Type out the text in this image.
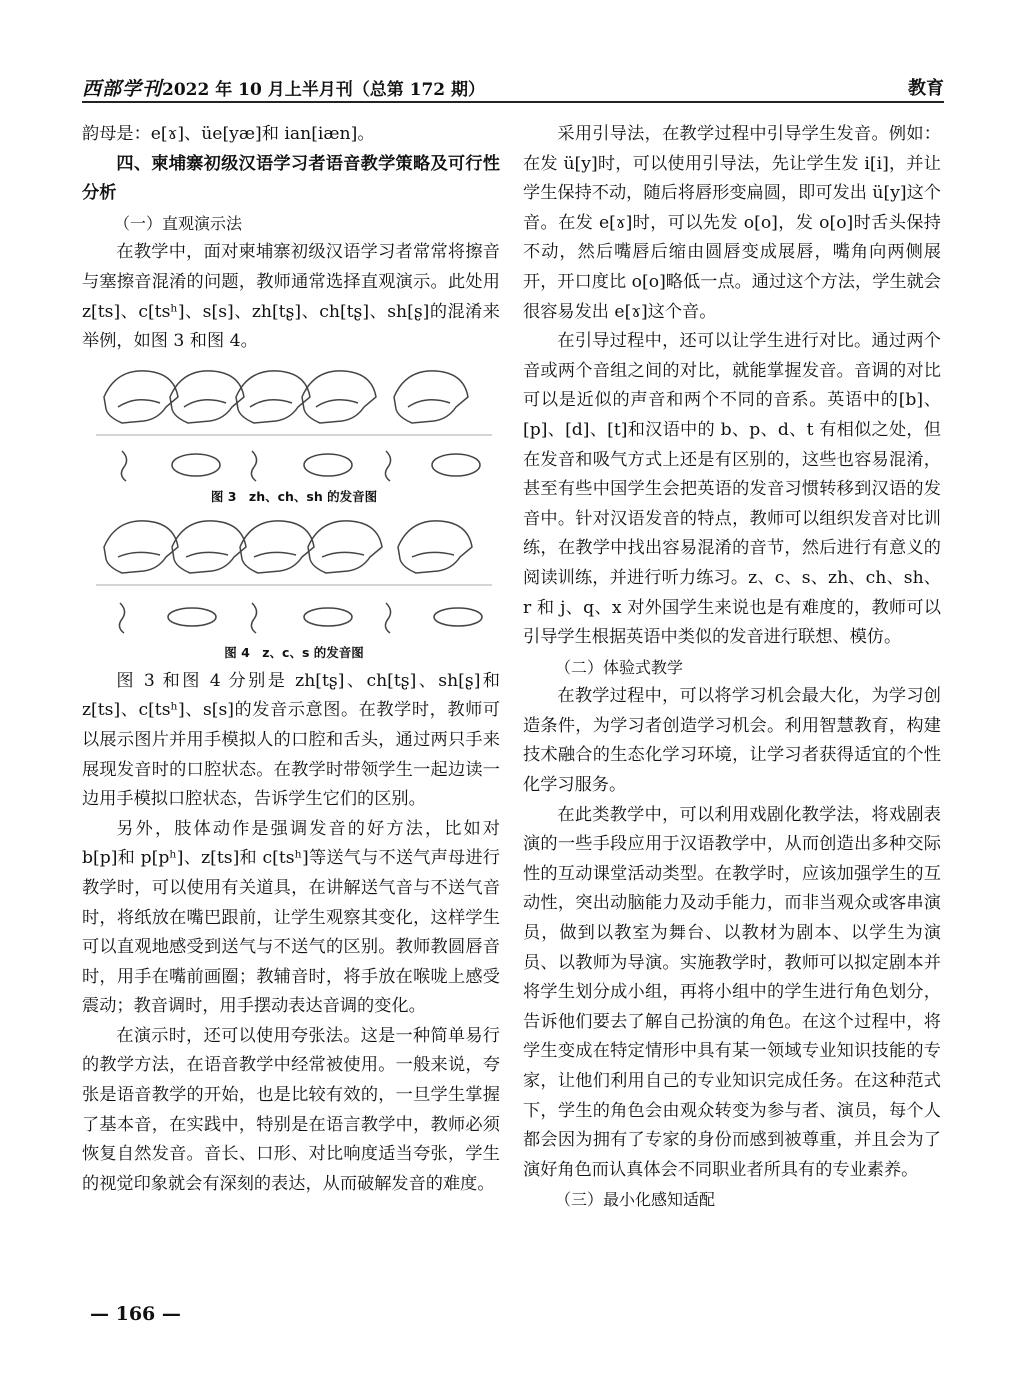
西部学刊 2022 年 10 月上半月刊（总第 172 期）	教育

韵母是：e[ɤ]、üe[yæ]和 ian[iæn]。

四、柬埔寨初级汉语学习者语音教学策略及可行性分析
（一）直观演示法

在教学中，面对柬埔寨初级汉语学习者常常将擦音与塞擦音混淆的问题，教师通常选择直观演示。此处用 z[ts]、c[tsʰ]、s[s]、zh[tʂ]、ch[tʂ]、sh[ʂ]的混淆来举例，如图 3 和图 4。

图 3　zh、ch、sh 的发音图
图 4　z、c、s 的发音图

图 3 和图 4 分别是 zh[tʂ]、ch[tʂ]、sh[ʂ]和 z[ts]、c[tsʰ]、s[s]的发音示意图。在教学时，教师可以展示图片并用手模拟人的口腔和舌头，通过两只手来展现发音时的口腔状态。在教学时带领学生一起边读一边用手模拟口腔状态，告诉学生它们的区别。

另外，肢体动作是强调发音的好方法，比如对 b[p]和 p[pʰ]、z[ts]和 c[tsʰ]等送气与不送气声母进行教学时，可以使用有关道具，在讲解送气音与不送气音时，将纸放在嘴巴跟前，让学生观察其变化，这样学生可以直观地感受到送气与不送气的区别。教师教圆唇音时，用手在嘴前画圈；教辅音时，将手放在喉咙上感受震动；教音调时，用手摆动表达音调的变化。

在演示时，还可以使用夸张法。这是一种简单易行的教学方法，在语音教学中经常被使用。一般来说，夸张是语音教学的开始，也是比较有效的，一旦学生掌握了基本音，在实践中，特别是在语言教学中，教师必须恢复自然发音。音长、口形、对比响度适当夸张，学生的视觉印象就会有深刻的表达，从而破解发音的难度。

采用引导法，在教学过程中引导学生发音。例如：在发 ü[y]时，可以使用引导法，先让学生发 i[i]，并让学生保持不动，随后将唇形变扁圆，即可发出 ü[y]这个音。在发 e[ɤ]时，可以先发 o[o]，发 o[o]时舌头保持不动，然后嘴唇后缩由圆唇变成展唇，嘴角向两侧展开，开口度比 o[o]略低一点。通过这个方法，学生就会很容易发出 e[ɤ]这个音。

在引导过程中，还可以让学生进行对比。通过两个音或两个音组之间的对比，就能掌握发音。音调的对比可以是近似的声音和两个不同的音系。英语中的[b]、[p]、[d]、[t]和汉语中的 b、p、d、t 有相似之处，但在发音和吸气方式上还是有区别的，这些也容易混淆，甚至有些中国学生会把英语的发音习惯转移到汉语的发音中。针对汉语发音的特点，教师可以组织发音对比训练，在教学中找出容易混淆的音节，然后进行有意义的阅读训练，并进行听力练习。z、c、s、zh、ch、sh、r 和 j、q、x 对外国学生来说也是有难度的，教师可以引导学生根据英语中类似的发音进行联想、模仿。

（二）体验式教学

在教学过程中，可以将学习机会最大化，为学习创造条件，为学习者创造学习机会。利用智慧教育，构建技术融合的生态化学习环境，让学习者获得适宜的个性化学习服务。

在此类教学中，可以利用戏剧化教学法，将戏剧表演的一些手段应用于汉语教学中，从而创造出多种交际性的互动课堂活动类型。在教学时，应该加强学生的互动性，突出动脑能力及动手能力，而非当观众或客串演员，做到以教室为舞台、以教材为剧本、以学生为演员、以教师为导演。实施教学时，教师可以拟定剧本并将学生划分成小组，再将小组中的学生进行角色划分，告诉他们要去了解自己扮演的角色。在这个过程中，将学生变成在特定情形中具有某一领域专业知识技能的专家，让他们利用自己的专业知识完成任务。在这种范式下，学生的角色会由观众转变为参与者、演员，每个人都会因为拥有了专家的身份而感到被尊重，并且会为了演好角色而认真体会不同职业者所具有的专业素养。

（三）最小化感知适配
— 166 —
